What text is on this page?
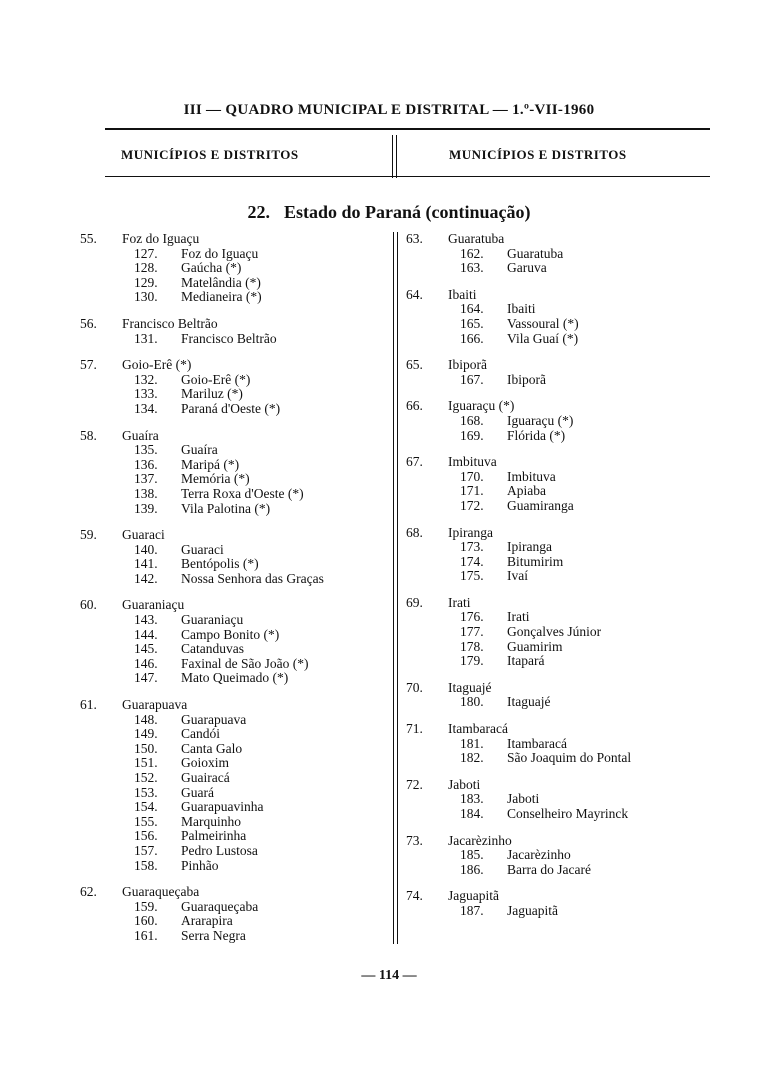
III — QUADRO MUNICIPAL E DISTRITAL — 1.º-VII-1960
MUNICÍPIOS E DISTRITOS	MUNICÍPIOS E DISTRITOS
22. Estado do Paraná (continuação)
55.	Foz do Iguaçu
127.	Foz do Iguaçu
128.	Gaúcha (*)
129.	Matelândia (*)
130.	Medianeira (*)
56.	Francisco Beltrão
131.	Francisco Beltrão
57.	Goio-Erê (*)
132.	Goio-Erê (*)
133.	Mariluz (*)
134.	Paraná d'Oeste (*)
58.	Guaíra
135.	Guaíra
136.	Maripá (*)
137.	Memória (*)
138.	Terra Roxa d'Oeste (*)
139.	Vila Palotina (*)
59.	Guaraci
140.	Guaraci
141.	Bentópolis (*)
142.	Nossa Senhora das Graças
60.	Guaraniaçu
143.	Guaraniaçu
144.	Campo Bonito (*)
145.	Catanduvas
146.	Faxinal de São João (*)
147.	Mato Queimado (*)
61.	Guarapuava
148.	Guarapuava
149.	Candói
150.	Canta Galo
151.	Goioxim
152.	Guairacá
153.	Guará
154.	Guarapuavinha
155.	Marquinho
156.	Palmeirinha
157.	Pedro Lustosa
158.	Pinhão
62.	Guaraqueçaba
159.	Guaraqueçaba
160.	Ararapira
161.	Serra Negra
63.	Guaratuba
162.	Guaratuba
163.	Garuva
64.	Ibaiti
164.	Ibaiti
165.	Vassoural (*)
166.	Vila Guaí (*)
65.	Ibiporã
167.	Ibiporã
66.	Iguaraçu (*)
168.	Iguaraçu (*)
169.	Flórida (*)
67.	Imbituva
170.	Imbituva
171.	Apiaba
172.	Guamiranga
68.	Ipiranga
173.	Ipiranga
174.	Bitumirim
175.	Ivaí
69.	Irati
176.	Irati
177.	Gonçalves Júnior
178.	Guamirim
179.	Itapará
70.	Itaguajé
180.	Itaguajé
71.	Itambaracá
181.	Itambaracá
182.	São Joaquim do Pontal
72.	Jaboti
183.	Jaboti
184.	Conselheiro Mayrinck
73.	Jacarèzinho
185.	Jacarèzinho
186.	Barra do Jacaré
74.	Jaguapitã
187.	Jaguapitã
— 114 —
